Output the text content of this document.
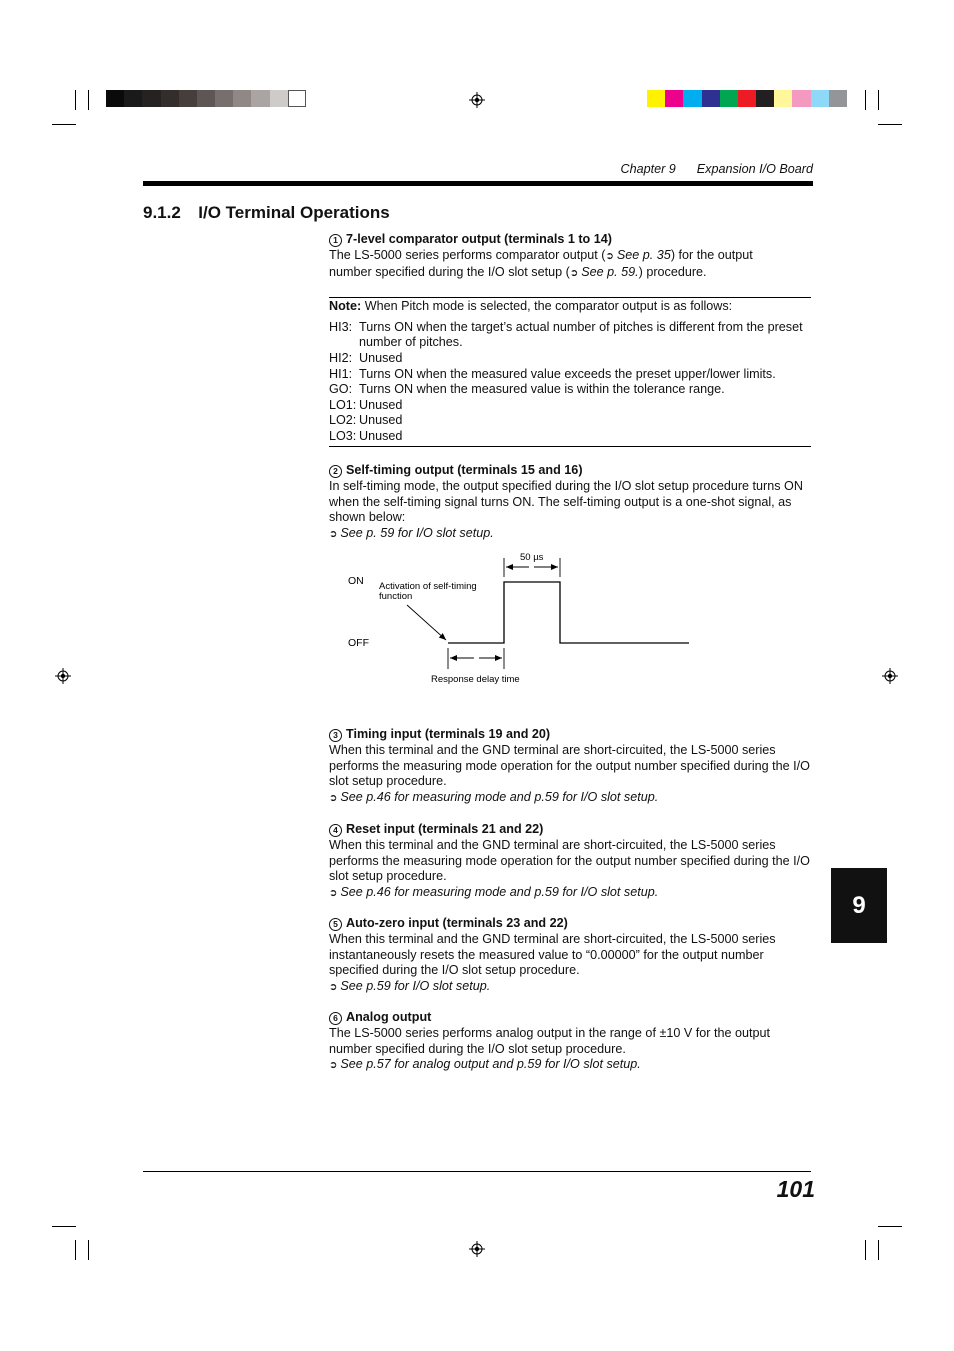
Chapter 9 Expansion I/O Board
9.1.2 I/O Terminal Operations
1 7-level comparator output (terminals 1 to 14)
The LS-5000 series performs comparator output (➲ See p. 35) for the output
number specified during the I/O slot setup (➲ See p. 59.) procedure.
Note: When Pitch mode is selected, the comparator output is as follows:
HI3: Turns ON when the target’s actual number of pitches is different from the preset number of pitches.
HI2: Unused
HI1: Turns ON when the measured value exceeds the preset upper/lower limits.
GO: Turns ON when the measured value is within the tolerance range.
LO1: Unused
LO2: Unused
LO3: Unused
2 Self-timing output (terminals 15 and 16)
In self-timing mode, the output specified during the I/O slot setup procedure turns ON when the self-timing signal turns ON. The self-timing output is a one-shot signal, as shown below:
➲ See p. 59 for I/O slot setup.
ON
OFF
50 µs
Activation of self-timing
function
Response delay time
3 Timing input (terminals 19 and 20)
When this terminal and the GND terminal are short-circuited, the LS-5000 series performs the measuring mode operation for the output number specified during the I/O slot setup procedure.
➲ See p.46 for measuring mode and p.59 for I/O slot setup.
4 Reset input (terminals 21 and 22)
When this terminal and the GND terminal are short-circuited, the LS-5000 series performs the measuring mode operation for the output number specified during the I/O slot setup procedure.
➲ See p.46 for measuring mode and p.59 for I/O slot setup.
5 Auto-zero input (terminals 23 and 22)
When this terminal and the GND terminal are short-circuited, the LS-5000 series instantaneously resets the measured value to “0.00000” for the output number specified during the I/O slot setup procedure.
➲ See p.59 for I/O slot setup.
6 Analog output
The LS-5000 series performs analog output in the range of ±10 V for the output number specified during the I/O slot setup procedure.
➲ See p.57 for analog output and p.59 for I/O slot setup.
9
101
